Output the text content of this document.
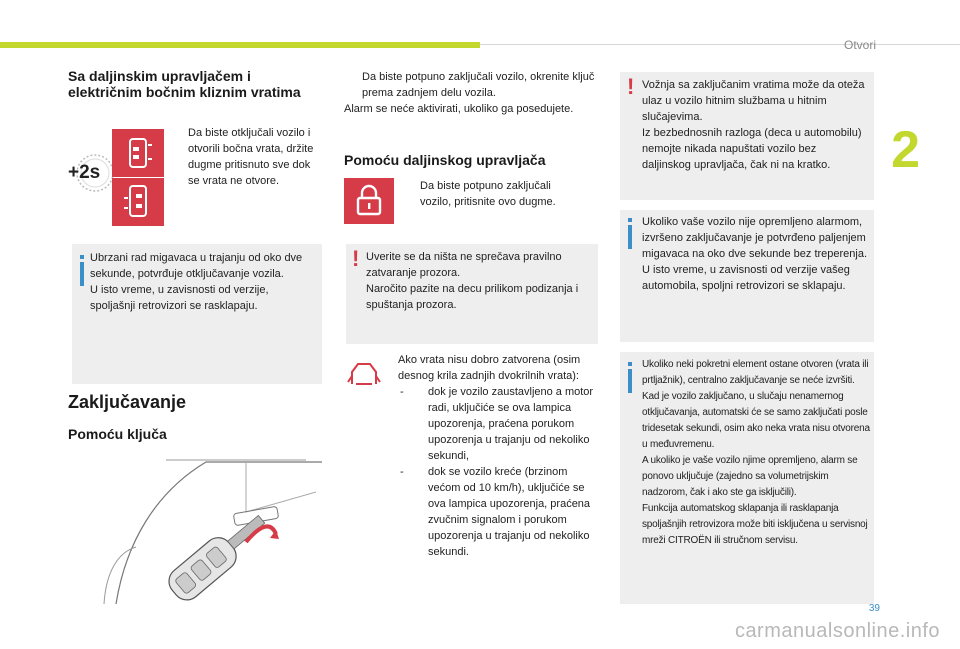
Otvori
2
Sa daljinskim upravljačem i električnim bočnim kliznim vratima
+2s
Da biste otključali vozilo i otvorili bočna vrata, držite dugme pritisnuto sve dok se vrata ne otvore.
Ubrzani rad migavaca u trajanju od oko dve sekunde, potvrđuje otključavanje vozila.
U isto vreme, u zavisnosti od verzije, spoljašnji retrovizori se rasklapaju.
Zaključavanje
Pomoću ključa
Da biste potpuno zaključali vozilo, okrenite ključ prema zadnjem delu vozila.
Alarm se neće aktivirati, ukoliko ga posedujete.
Pomoću daljinskog upravljača
Da biste potpuno zaključali vozilo, pritisnite ovo dugme.
! Uverite se da ništa ne sprečava pravilno zatvaranje prozora.
Naročito pazite na decu prilikom podizanja i spuštanja prozora.
Ako vrata nisu dobro zatvorena (osim desnog krila zadnjih dvokrilnih vrata):
- dok je vozilo zaustavljeno a motor radi, uključiće se ova lampica upozorenja, praćena porukom upozorenja u trajanju od nekoliko sekundi,
- dok se vozilo kreće (brzinom većom od 10 km/h), uključiće se ova lampica upozorenja, praćena zvučnim signalom i porukom upozorenja u trajanju od nekoliko sekundi.
! Vožnja sa zaključanim vratima može da oteža ulaz u vozilo hitnim službama u hitnim slučajevima.
Iz bezbednosnih razloga (deca u automobilu) nemojte nikada napuštati vozilo bez daljinskog upravljača, čak ni na kratko.
Ukoliko vaše vozilo nije opremljeno alarmom, izvršeno zaključavanje je potvrđeno paljenjem migavaca na oko dve sekunde bez treperenja.
U isto vreme, u zavisnosti od verzije vašeg automobila, spoljni retrovizori se sklapaju.
Ukoliko neki pokretni element ostane otvoren (vrata ili prtljažnik), centralno zaključavanje se neće izvršiti.
Kad je vozilo zaključano, u slučaju nenamernog otključavanja, automatski će se samo zaključati posle tridesetak sekundi, osim ako neka vrata nisu otvorena u međuvremenu.
A ukoliko je vaše vozilo njime opremljeno, alarm se ponovo uključuje (zajedno sa volumetrijskim nadzorom, čak i ako ste ga isključili).
Funkcija automatskog sklapanja ili rasklapanja spoljašnjih retrovizora može biti isključena u servisnoj mreži CITROËN ili stručnom servisu.
39
carmanualsonline.info
